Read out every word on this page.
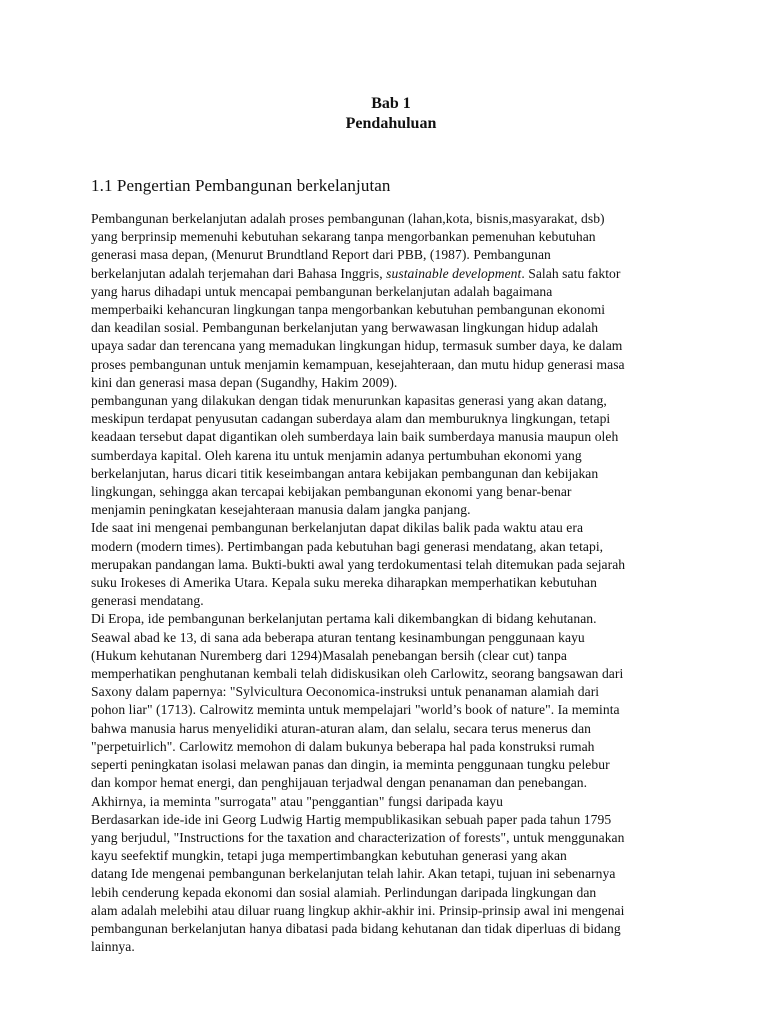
Bab 1

Pendahuluan

1.1 Pengertian Pembangunan berkelanjutan
Pembangunan berkelanjutan adalah proses pembangunan (lahan,kota, bisnis,masyarakat, dsb)
yang berprinsip memenuhi kebutuhan sekarang tanpa mengorbankan pemenuhan kebutuhan
generasi masa depan, (Menurut Brundtland Report dari PBB, (1987). Pembangunan
berkelanjutan adalah terjemahan dari Bahasa Inggris, sustainable development. Salah satu faktor
yang harus dihadapi untuk mencapai pembangunan berkelanjutan adalah bagaimana
memperbaiki kehancuran lingkungan tanpa mengorbankan kebutuhan pembangunan ekonomi
dan keadilan sosial. Pembangunan berkelanjutan yang berwawasan lingkungan hidup adalah
upaya sadar dan terencana yang memadukan lingkungan hidup, termasuk sumber daya, ke dalam
proses pembangunan untuk menjamin kemampuan, kesejahteraan, dan mutu hidup generasi masa
kini dan generasi masa depan (Sugandhy, Hakim 2009).
pembangunan yang dilakukan dengan tidak menurunkan kapasitas generasi yang akan datang,
meskipun terdapat penyusutan cadangan suberdaya alam dan memburuknya lingkungan, tetapi
keadaan tersebut dapat digantikan oleh sumberdaya lain baik sumberdaya manusia maupun oleh
sumberdaya kapital. Oleh karena itu untuk menjamin adanya pertumbuhan ekonomi yang
berkelanjutan, harus dicari titik keseimbangan antara kebijakan pembangunan dan kebijakan
lingkungan, sehingga akan tercapai kebijakan pembangunan ekonomi yang benar-benar
menjamin peningkatan kesejahteraan manusia dalam jangka panjang.
Ide saat ini mengenai pembangunan berkelanjutan dapat dikilas balik pada waktu atau era
modern (modern times). Pertimbangan pada kebutuhan bagi generasi mendatang, akan tetapi,
merupakan pandangan lama. Bukti-bukti awal yang terdokumentasi telah ditemukan pada sejarah
suku Irokeses di Amerika Utara. Kepala suku mereka diharapkan memperhatikan kebutuhan
generasi mendatang.
Di Eropa, ide pembangunan berkelanjutan pertama kali dikembangkan di bidang kehutanan.
Seawal abad ke 13, di sana ada beberapa aturan tentang kesinambungan penggunaan kayu
(Hukum kehutanan Nuremberg dari 1294)Masalah penebangan bersih (clear cut) tanpa
memperhatikan penghutanan kembali telah didiskusikan oleh Carlowitz, seorang bangsawan dari
Saxony dalam papernya: "Sylvicultura Oeconomica-instruksi untuk penanaman alamiah dari
pohon liar" (1713). Calrowitz meminta untuk mempelajari "world’s book of nature". Ia meminta
bahwa manusia harus menyelidiki aturan-aturan alam, dan selalu, secara terus menerus dan
"perpetuirlich". Carlowitz memohon di dalam bukunya beberapa hal pada konstruksi rumah
seperti peningkatan isolasi melawan panas dan dingin, ia meminta penggunaan tungku pelebur
dan kompor hemat energi, dan penghijauan terjadwal dengan penanaman dan penebangan.
Akhirnya, ia meminta "surrogata" atau "penggantian" fungsi daripada kayu
Berdasarkan ide-ide ini Georg Ludwig Hartig mempublikasikan sebuah paper pada tahun 1795
yang berjudul, "Instructions for the taxation and characterization of forests", untuk menggunakan
kayu seefektif mungkin, tetapi juga mempertimbangkan kebutuhan generasi yang akan
datang Ide mengenai pembangunan berkelanjutan telah lahir. Akan tetapi, tujuan ini sebenarnya
lebih cenderung kepada ekonomi dan sosial alamiah. Perlindungan daripada lingkungan dan
alam adalah melebihi atau diluar ruang lingkup akhir-akhir ini. Prinsip-prinsip awal ini mengenai
pembangunan berkelanjutan hanya dibatasi pada bidang kehutanan dan tidak diperluas di bidang
lainnya.
